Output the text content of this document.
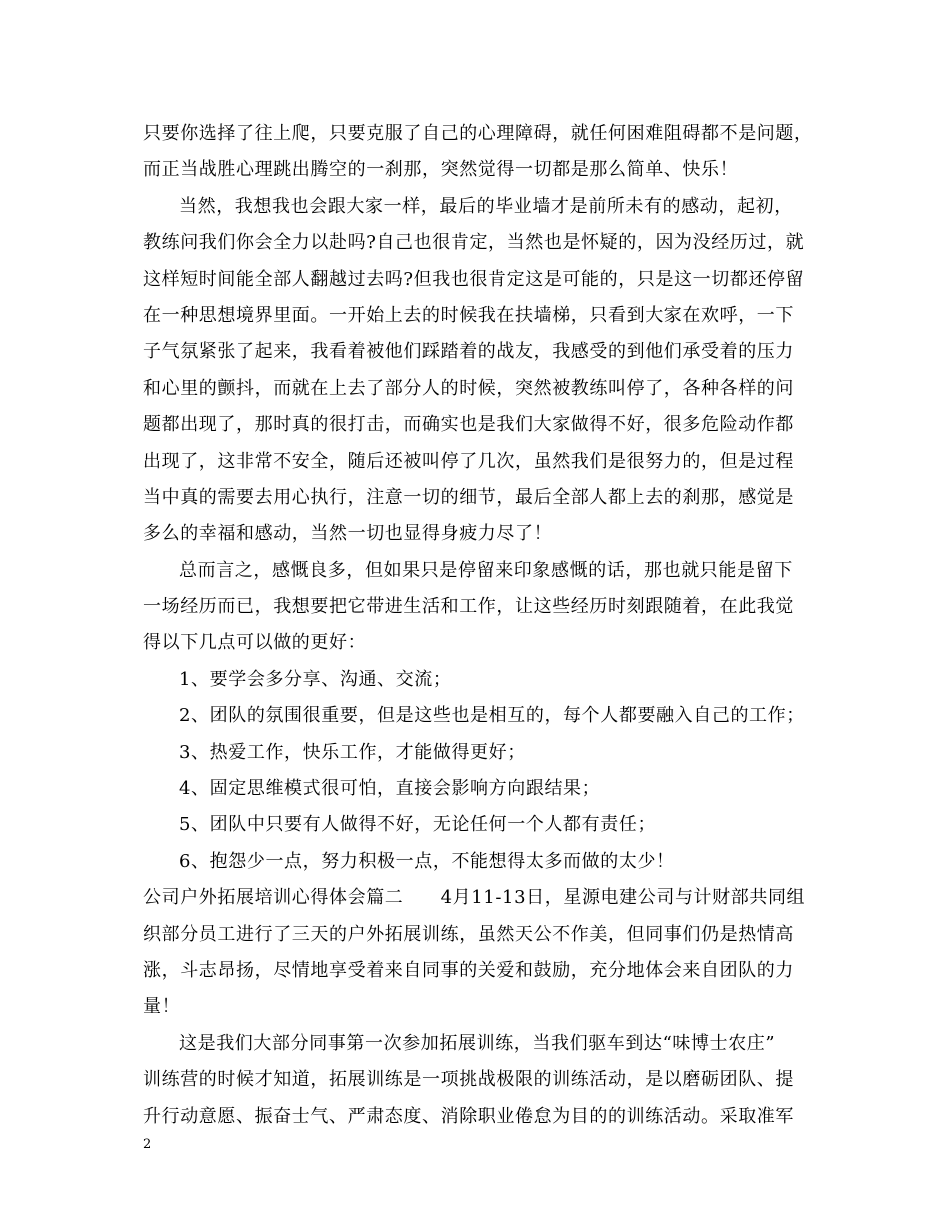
只要你选择了往上爬，只要克服了自己的心理障碍，就任何困难阻碍都不是问题，
而正当战胜心理跳出腾空的一刹那，突然觉得一切都是那么简单、快乐！
当然，我想我也会跟大家一样，最后的毕业墙才是前所未有的感动，起初，
教练问我们你会全力以赴吗?自己也很肯定，当然也是怀疑的，因为没经历过，就
这样短时间能全部人翻越过去吗?但我也很肯定这是可能的，只是这一切都还停留
在一种思想境界里面。一开始上去的时候我在扶墙梯，只看到大家在欢呼，一下
子气氛紧张了起来，我看着被他们踩踏着的战友，我感受的到他们承受着的压力
和心里的颤抖，而就在上去了部分人的时候，突然被教练叫停了，各种各样的问
题都出现了，那时真的很打击，而确实也是我们大家做得不好，很多危险动作都
出现了，这非常不安全，随后还被叫停了几次，虽然我们是很努力的，但是过程
当中真的需要去用心执行，注意一切的细节，最后全部人都上去的刹那，感觉是
多么的幸福和感动，当然一切也显得身疲力尽了！
总而言之，感慨良多，但如果只是停留来印象感慨的话，那也就只能是留下
一场经历而已，我想要把它带进生活和工作，让这些经历时刻跟随着，在此我觉
得以下几点可以做的更好：
1、要学会多分享、沟通、交流；
2、团队的氛围很重要，但是这些也是相互的，每个人都要融入自己的工作；
3、热爱工作，快乐工作，才能做得更好；
4、固定思维模式很可怕，直接会影响方向跟结果；
5、团队中只要有人做得不好，无论任何一个人都有责任；
6、抱怨少一点，努力积极一点，不能想得太多而做的太少！
公司户外拓展培训心得体会篇二　　4月11-13日，星源电建公司与计财部共同组
织部分员工进行了三天的户外拓展训练，虽然天公不作美，但同事们仍是热情高
涨，斗志昂扬，尽情地享受着来自同事的关爱和鼓励，充分地体会来自团队的力
量！
这是我们大部分同事第一次参加拓展训练，当我们驱车到达“味博士农庄”
训练营的时候才知道，拓展训练是一项挑战极限的训练活动，是以磨砺团队、提
升行动意愿、振奋士气、严肃态度、消除职业倦怠为目的的训练活动。采取准军
2
